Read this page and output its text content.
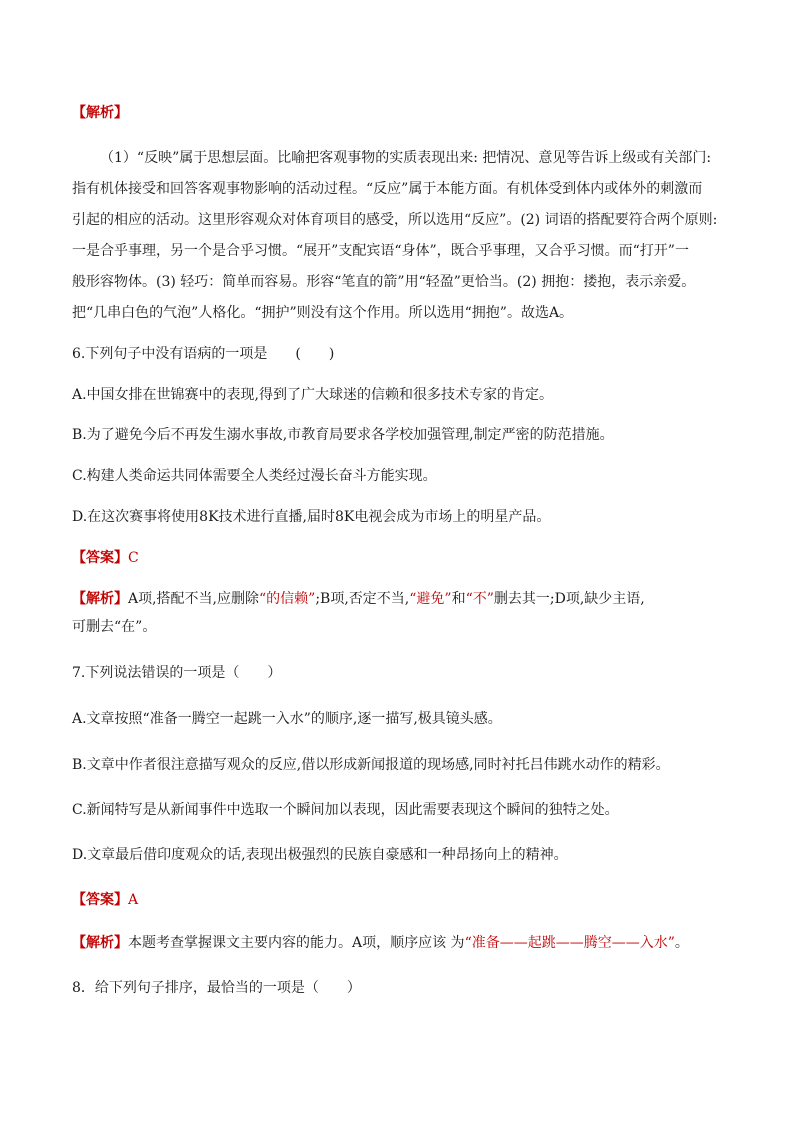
【解析】
（1）“反映”属于思想层面。比喻把客观事物的实质表现出来: 把情况、意见等告诉上级或有关部门:
指有机体接受和回答客观事物影响的活动过程。“反应”属于本能方面。有机体受到体内或体外的刺激而
引起的相应的活动。这里形容观众对体育项目的感受，所以选用“反应”。(2) 词语的搭配要符合两个原则:
一是合乎事理，另一个是合乎习惯。“展开”支配宾语“身体”，既合乎事理，又合乎习惯。而“打开”一
般形容物体。(3) 轻巧：简单而容易。形容“笔直的箭”用“轻盈”更恰当。(2) 拥抱：搂抱，表示亲爱。
把“几串白色的气泡”人格化。“拥护”则没有这个作用。所以选用“拥抱”。故选A。
6.下列句子中没有语病的一项是　　(　　)
A.中国女排在世锦赛中的表现,得到了广大球迷的信赖和很多技术专家的肯定。
B.为了避免今后不再发生溺水事故,市教育局要求各学校加强管理,制定严密的防范措施。
C.构建人类命运共同体需要全人类经过漫长奋斗方能实现。
D.在这次赛事将使用8K技术进行直播,届时8K电视会成为市场上的明星产品。
【答案】C
【解析】A项,搭配不当,应删除“的信赖”;B项,否定不当,“避免”和“不”删去其一;D项,缺少主语,
可删去“在”。
7.下列说法错误的一项是（　　）
A.文章按照“准备一腾空一起跳一入水”的顺序,逐一描写,极具镜头感。
B.文章中作者很注意描写观众的反应,借以形成新闻报道的现场感,同时衬托吕伟跳水动作的精彩。
C.新闻特写是从新闻事件中选取一个瞬间加以表现，因此需要表现这个瞬间的独特之处。
D.文章最后借印度观众的话,表现出极强烈的民族自豪感和一种昂扬向上的精神。
【答案】A
【解析】本题考查掌握课文主要内容的能力。A项，顺序应该 为“准备——起跳——腾空——入水”。
8．给下列句子排序，最恰当的一项是（　　）
